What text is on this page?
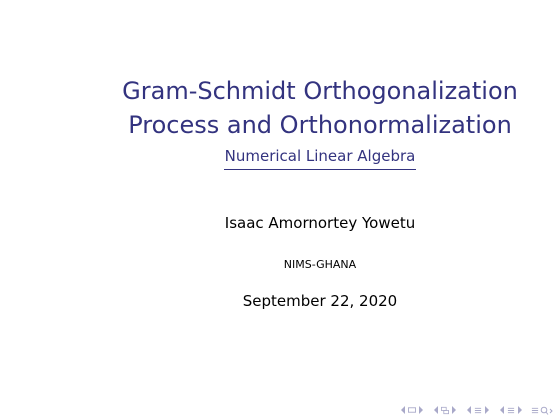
Gram-Schmidt Orthogonalization
Process and Orthonormalization
Numerical Linear Algebra
Isaac Amornortey Yowetu
NIMS-GHANA
September 22, 2020
